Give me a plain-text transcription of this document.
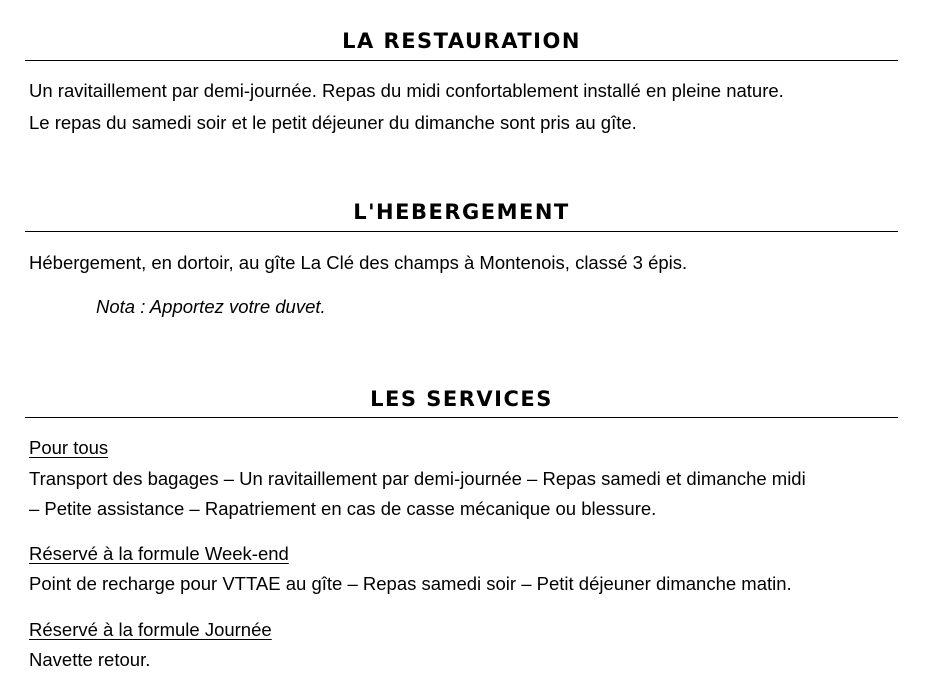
LA RESTAURATION
Un ravitaillement par demi-journée. Repas du midi confortablement installé en pleine nature.
Le repas du samedi soir et le petit déjeuner du dimanche sont pris au gîte.
L'HEBERGEMENT
Hébergement, en dortoir, au gîte La Clé des champs à Montenois, classé 3 épis.
Nota : Apportez votre duvet.
LES SERVICES
Pour tous
Transport des bagages – Un ravitaillement par demi-journée – Repas samedi et dimanche midi
– Petite assistance – Rapatriement en cas de casse mécanique ou blessure.
Réservé à la formule Week-end
Point de recharge pour VTTAE au gîte – Repas samedi soir – Petit déjeuner dimanche matin.
Réservé à la formule Journée
Navette retour.
